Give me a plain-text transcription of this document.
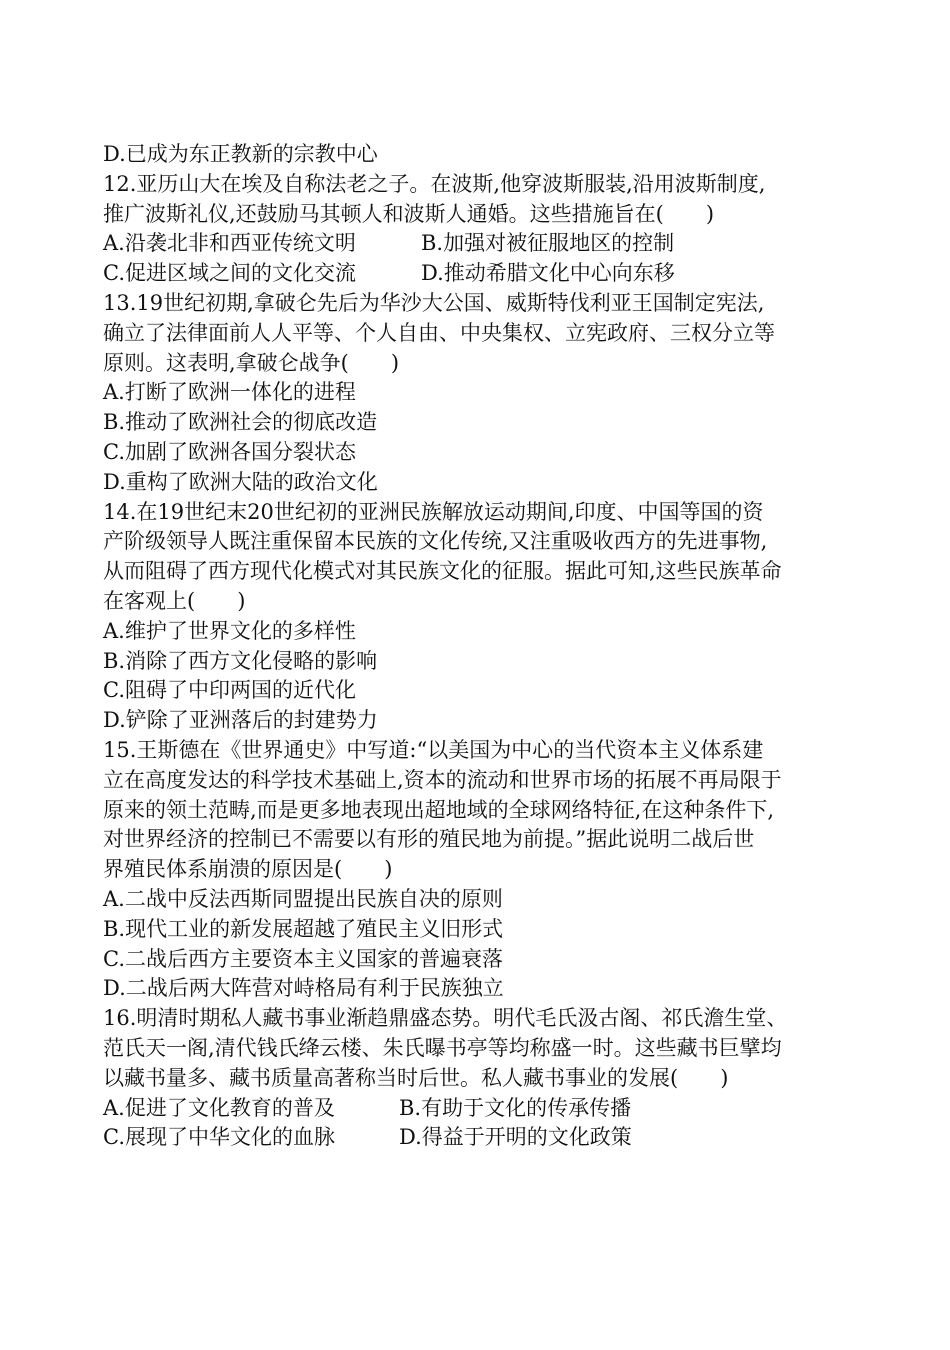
D.已成为东正教新的宗教中心
12.亚历山大在埃及自称法老之子。在波斯,他穿波斯服装,沿用波斯制度,
推广波斯礼仪,还鼓励马其顿人和波斯人通婚。这些措施旨在(　　)
A.沿袭北非和西亚传统文明	B.加强对被征服地区的控制
C.促进区域之间的文化交流	D.推动希腊文化中心向东移
13.19世纪初期,拿破仑先后为华沙大公国、威斯特伐利亚王国制定宪法,
确立了法律面前人人平等、个人自由、中央集权、立宪政府、三权分立等
原则。这表明,拿破仑战争(　　)
A.打断了欧洲一体化的进程
B.推动了欧洲社会的彻底改造
C.加剧了欧洲各国分裂状态
D.重构了欧洲大陆的政治文化
14.在19世纪末20世纪初的亚洲民族解放运动期间,印度、中国等国的资
产阶级领导人既注重保留本民族的文化传统,又注重吸收西方的先进事物,
从而阻碍了西方现代化模式对其民族文化的征服。据此可知,这些民族革命
在客观上(　　)
A.维护了世界文化的多样性
B.消除了西方文化侵略的影响
C.阻碍了中印两国的近代化
D.铲除了亚洲落后的封建势力
15.王斯德在《世界通史》中写道:“以美国为中心的当代资本主义体系建
立在高度发达的科学技术基础上,资本的流动和世界市场的拓展不再局限于
原来的领土范畴,而是更多地表现出超地域的全球网络特征,在这种条件下,
对世界经济的控制已不需要以有形的殖民地为前提。”据此说明二战后世
界殖民体系崩溃的原因是(　　)
A.二战中反法西斯同盟提出民族自决的原则
B.现代工业的新发展超越了殖民主义旧形式
C.二战后西方主要资本主义国家的普遍衰落
D.二战后两大阵营对峙格局有利于民族独立
16.明清时期私人藏书事业渐趋鼎盛态势。明代毛氏汲古阁、祁氏澹生堂、
范氏天一阁,清代钱氏绛云楼、朱氏曝书亭等均称盛一时。这些藏书巨擘均
以藏书量多、藏书质量高著称当时后世。私人藏书事业的发展(　　)
A.促进了文化教育的普及	B.有助于文化的传承传播
C.展现了中华文化的血脉	D.得益于开明的文化政策
